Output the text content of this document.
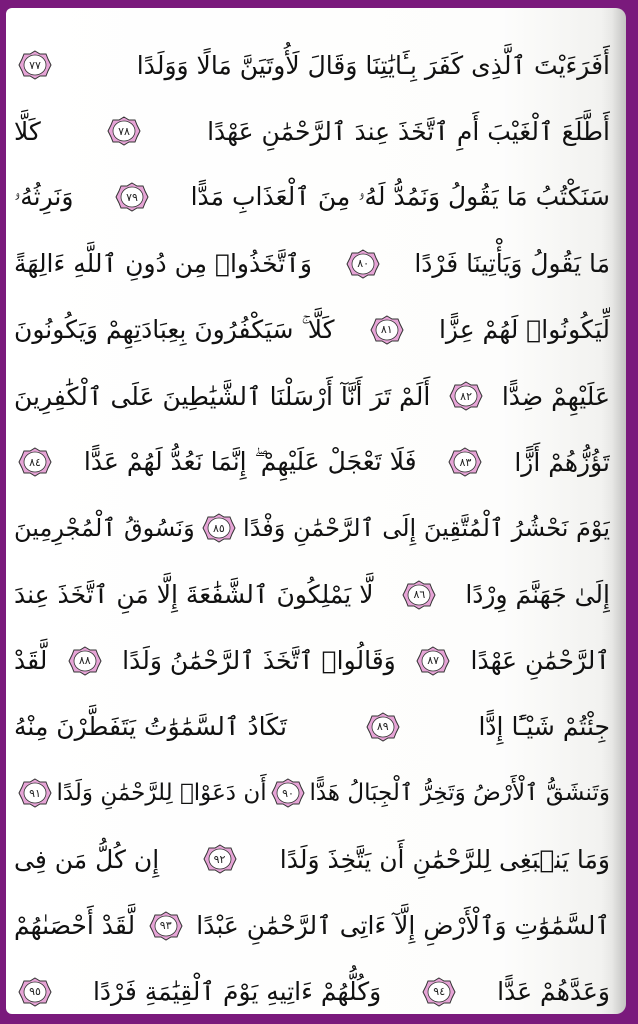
أَفَرَءَيْتَ ٱلَّذِى كَفَرَ بِـَٔايَٰتِنَا وَقَالَ لَأُوتَيَنَّ مَالًا وَوَلَدًا
٧٧
أَطَّلَعَ ٱلْغَيْبَ أَمِ ٱتَّخَذَ عِندَ ٱلرَّحْمَٰنِ عَهْدًا
٧٨
كَلَّا
سَنَكْتُبُ مَا يَقُولُ وَنَمُدُّ لَهُۥ مِنَ ٱلْعَذَابِ مَدًّا
٧٩
وَنَرِثُهُۥ
مَا يَقُولُ وَيَأْتِينَا فَرْدًا
٨٠
وَٱتَّخَذُوا۟ مِن دُونِ ٱللَّهِ ءَالِهَةً
لِّيَكُونُوا۟ لَهُمْ عِزًّا
٨١
كَلَّا ۚ سَيَكْفُرُونَ بِعِبَادَتِهِمْ وَيَكُونُونَ
عَلَيْهِمْ ضِدًّا
٨٢
أَلَمْ تَرَ أَنَّآ أَرْسَلْنَا ٱلشَّيَٰطِينَ عَلَى ٱلْكَٰفِرِينَ
تَؤُزُّهُمْ أَزًّا
٨٣
فَلَا تَعْجَلْ عَلَيْهِمْ ۖ إِنَّمَا نَعُدُّ لَهُمْ عَدًّا
٨٤
يَوْمَ نَحْشُرُ ٱلْمُتَّقِينَ إِلَى ٱلرَّحْمَٰنِ وَفْدًا
٨٥
وَنَسُوقُ ٱلْمُجْرِمِينَ
إِلَىٰ جَهَنَّمَ وِرْدًا
٨٦
لَّا يَمْلِكُونَ ٱلشَّفَٰعَةَ إِلَّا مَنِ ٱتَّخَذَ عِندَ
ٱلرَّحْمَٰنِ عَهْدًا
٨٧
وَقَالُوا۟ ٱتَّخَذَ ٱلرَّحْمَٰنُ وَلَدًا
٨٨
لَّقَدْ
جِئْتُمْ شَيْـًٔا إِدًّا
٨٩
تَكَادُ ٱلسَّمَٰوَٰتُ يَتَفَطَّرْنَ مِنْهُ
وَتَنشَقُّ ٱلْأَرْضُ وَتَخِرُّ ٱلْجِبَالُ هَدًّا
٩٠
أَن دَعَوْا۟ لِلرَّحْمَٰنِ وَلَدًا
٩١
وَمَا يَنۢبَغِى لِلرَّحْمَٰنِ أَن يَتَّخِذَ وَلَدًا
٩٢
إِن كُلُّ مَن فِى
ٱلسَّمَٰوَٰتِ وَٱلْأَرْضِ إِلَّآ ءَاتِى ٱلرَّحْمَٰنِ عَبْدًا
٩٣
لَّقَدْ أَحْصَىٰهُمْ
وَعَدَّهُمْ عَدًّا
٩٤
وَكُلُّهُمْ ءَاتِيهِ يَوْمَ ٱلْقِيَٰمَةِ فَرْدًا
٩٥
